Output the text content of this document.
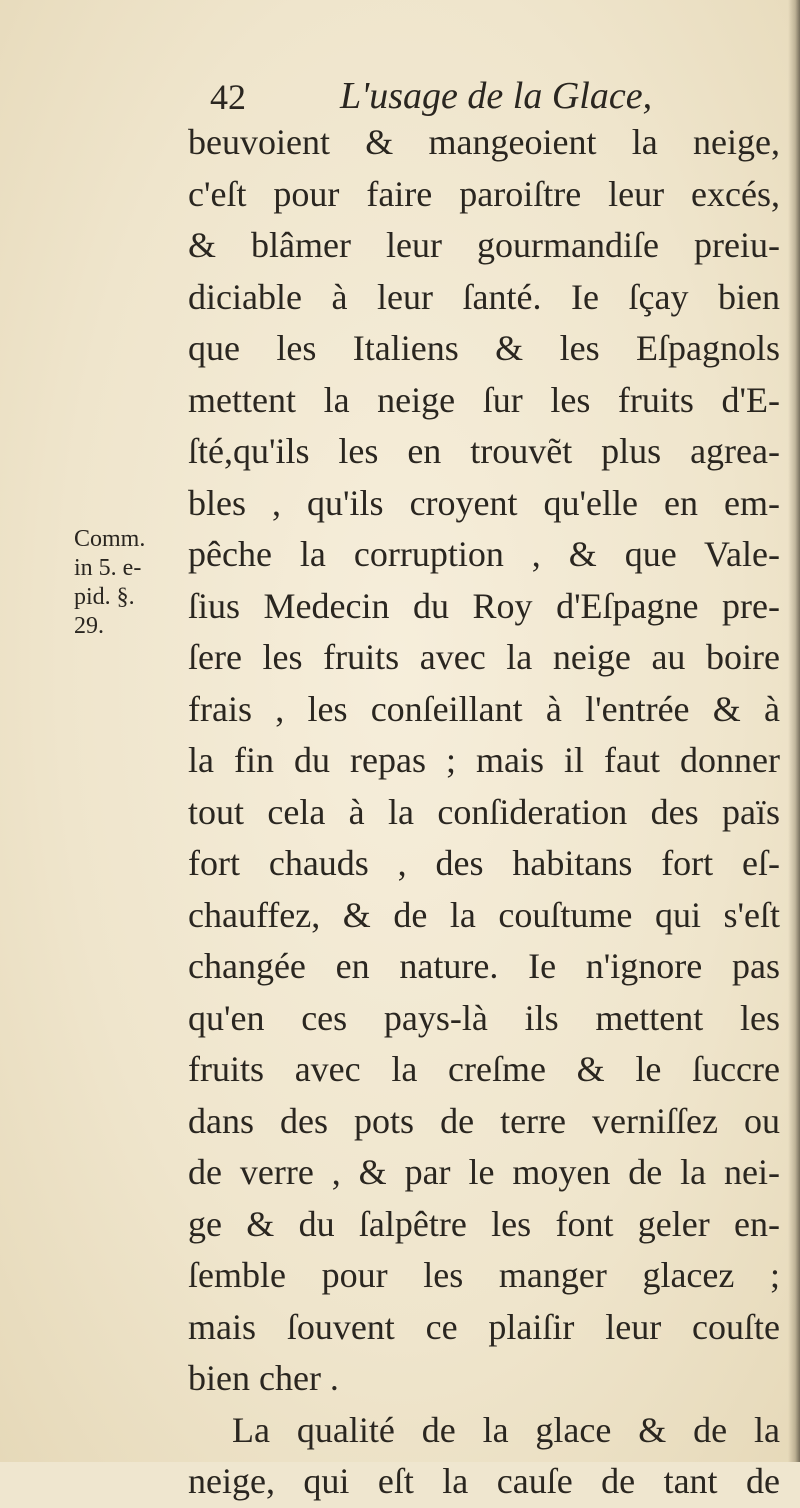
42 L'usage de la Glace,
Comm.
in 5. e-
pid. §.
29.
beuvoient & mangeoient la neige,
c'eſt pour faire paroiſtre leur excés,
& blâmer leur gourmandiſe preiu-
diciable à leur ſanté. Ie ſçay bien
que les Italiens & les Eſpagnols
mettent la neige ſur les fruits d'E-
ſté,qu'ils les en trouvẽt plus agrea-
bles , qu'ils croyent qu'elle en em-
pêche la corruption , & que Vale-
ſius Medecin du Roy d'Eſpagne pre-
ſere les fruits avec la neige au boire
frais , les conſeillant à l'entrée & à
la fin du repas ; mais il faut donner
tout cela à la conſideration des païs
fort chauds , des habitans fort eſ-
chauffez, & de la couſtume qui s'eſt
changée en nature. Ie n'ignore pas
qu'en ces pays-là ils mettent les
fruits avec la creſme & le ſuccre
dans des pots de terre verniſſez ou
de verre , & par le moyen de la nei-
ge & du ſalpêtre les font geler en-
ſemble pour les manger glacez ;
mais ſouvent ce plaiſir leur couſte
bien cher .
La qualité de la glace & de la
neige, qui eſt la cauſe de tant de
